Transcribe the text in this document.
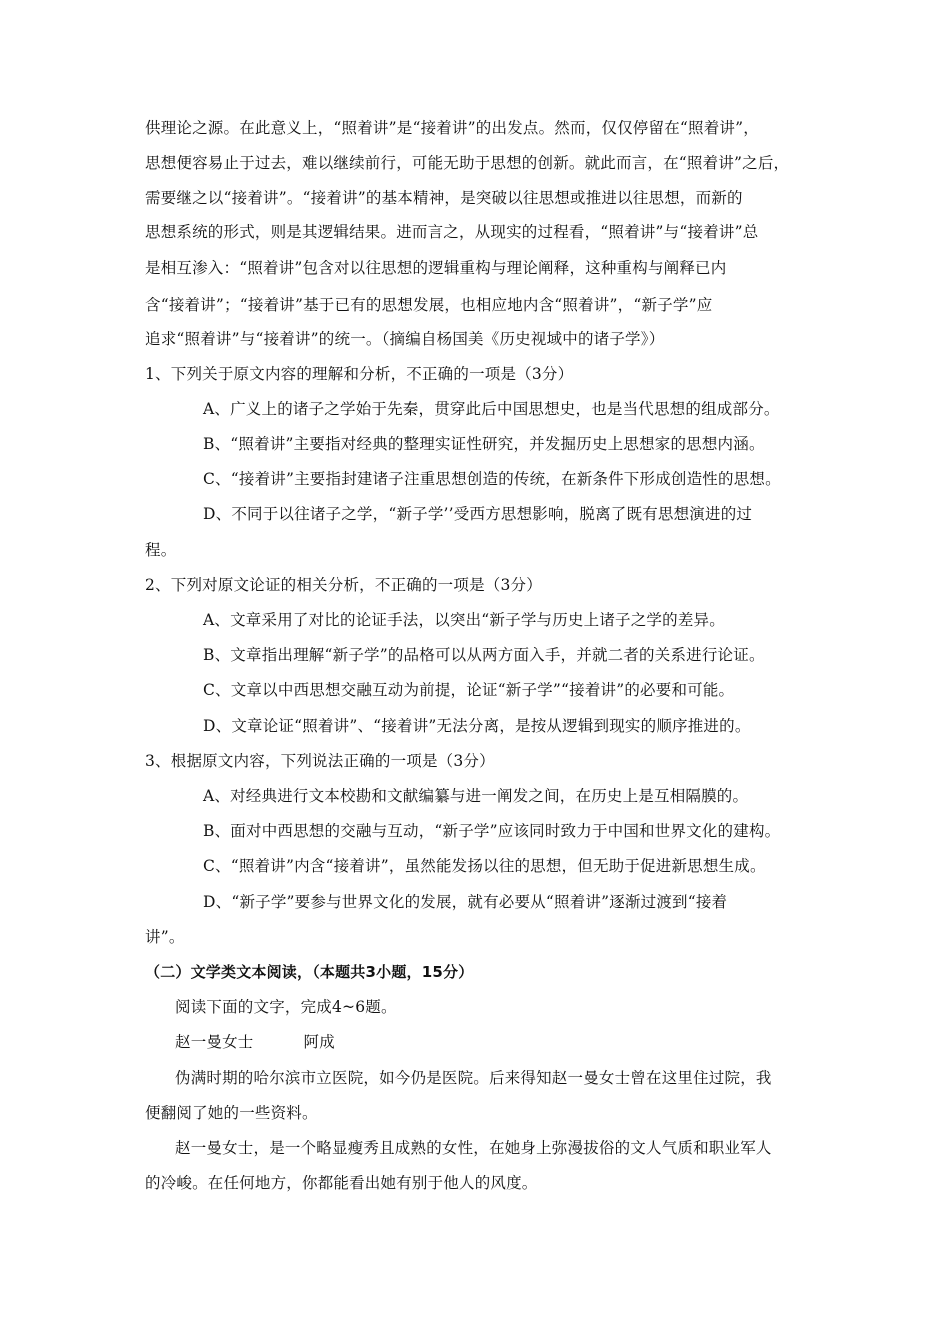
供理论之源。在此意义上，“照着讲”是“接着讲”的出发点。然而，仅仅停留在“照着讲”，
思想便容易止于过去，难以继续前行，可能无助于思想的创新。就此而言，在“照着讲”之后，
需要继之以“接着讲”。“接着讲”的基本精神，是突破以往思想或推进以往思想，而新的
思想系统的形式，则是其逻辑结果。进而言之，从现实的过程看，“照着讲”与“接着讲”总
是相互渗入：“照着讲”包含对以往思想的逻辑重构与理论阐释，这种重构与阐释已内
含“接着讲”；“接着讲”基于已有的思想发展，也相应地内含“照着讲”，“新子学”应
追求“照着讲”与“接着讲”的统一。（摘编自杨国美《历史视域中的诸子学》）
1、下列关于原文内容的理解和分析，不正确的一项是（3分）
A、广义上的诸子之学始于先秦，贯穿此后中国思想史，也是当代思想的组成部分。
B、“照着讲”主要指对经典的整理实证性研究，并发掘历史上思想家的思想内涵。
C、“接着讲”主要指封建诸子注重思想创造的传统，在新条件下形成创造性的思想。
D、不同于以往诸子之学，“新子学’’受西方思想影响，脱离了既有思想演进的过
程。
2、下列对原文论证的相关分析，不正确的一项是（3分）
A、文章采用了对比的论证手法，以突出“新子学与历史上诸子之学的差异。
B、文章指出理解“新子学”的品格可以从两方面入手，并就二者的关系进行论证。
C、文章以中西思想交融互动为前提，论证“新子学”“接着讲”的必要和可能。
D、文章论证“照着讲”、“接着讲”无法分离，是按从逻辑到现实的顺序推进的。
3、根据原文内容，下列说法正确的一项是（3分）
A、对经典进行文本校勘和文献编纂与进一阐发之间，在历史上是互相隔膜的。
B、面对中西思想的交融与互动，“新子学”应该同时致力于中国和世界文化的建构。
C、“照着讲”内含“接着讲”，虽然能发扬以往的思想，但无助于促进新思想生成。
D、“新子学”要参与世界文化的发展，就有必要从“照着讲”逐渐过渡到“接着
讲”。
（二）文学类文本阅读，（本题共3小题，15分）
阅读下面的文字，完成4~6题。
赵一曼女士	阿成
伪满时期的哈尔滨市立医院，如今仍是医院。后来得知赵一曼女士曾在这里住过院，我
便翻阅了她的一些资料。
赵一曼女士，是一个略显瘦秀且成熟的女性，在她身上弥漫拔俗的文人气质和职业军人
的冷峻。在任何地方，你都能看出她有别于他人的风度。
